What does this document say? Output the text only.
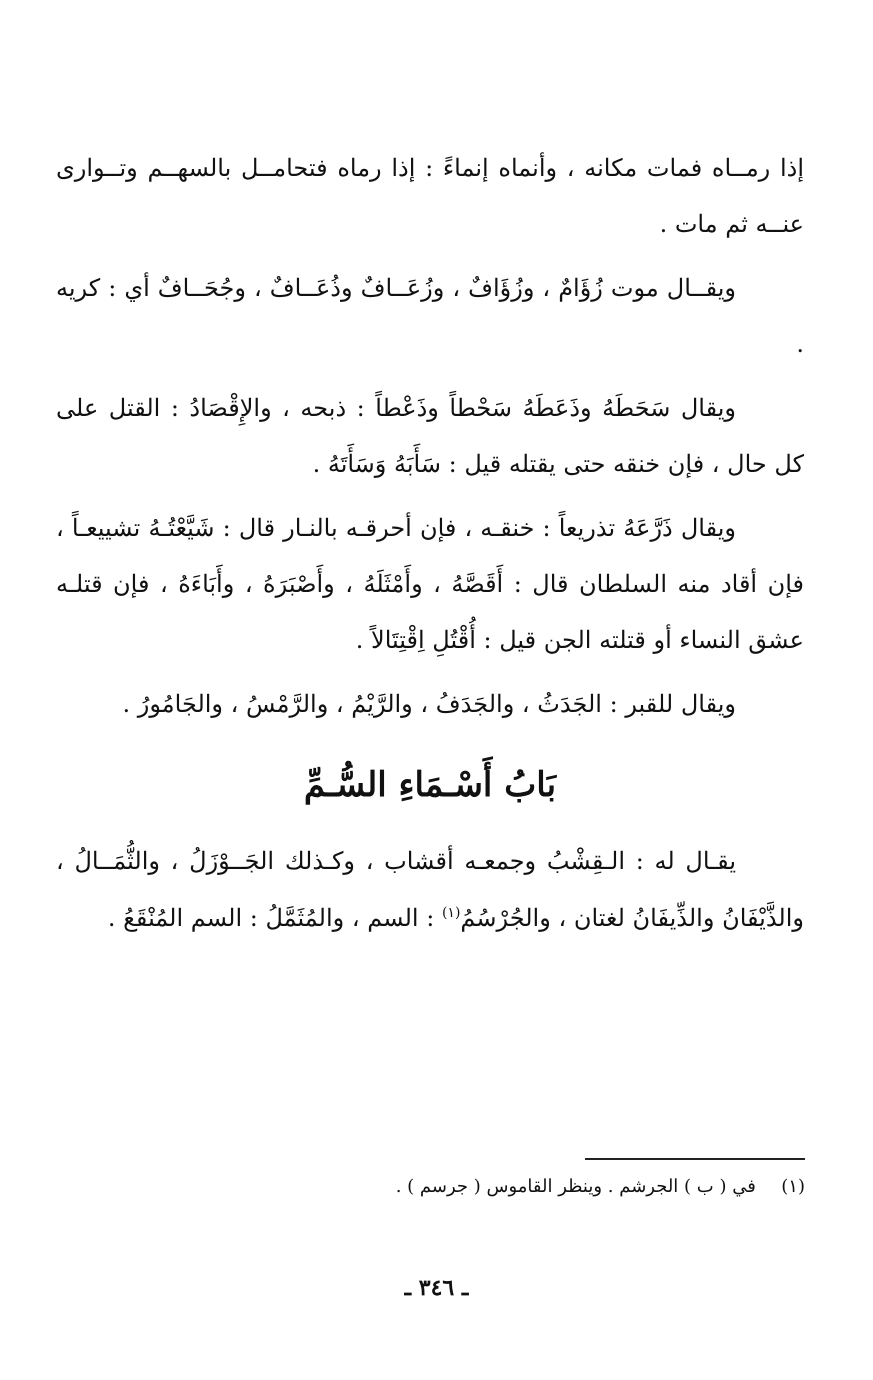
إذا رمــاه فمات مكانه ، وأنماه إنماءً : إذا رماه فتحامــل بالسهــم وتــوارى عنــه ثم مات .

ويقــال موت زُؤَامٌ ، وزُؤَافٌ ، وزُعَــافٌ وذُعَــافٌ ، وجُحَــافٌ أي : كريه .

ويقال سَحَطَهُ وذَعَطَهُ سَحْطاً وذَعْطاً : ذبحه ، والإِقْصَادُ : القتل على كل حال ، فإن خنقه حتى يقتله قيل : سَأَبَهُ وَسَأَتَهُ .

ويقال ذَرَّعَهُ تذريعاً : خنقـه ، فإن أحرقـه بالنـار قال : شَيَّعْتُـهُ تشييعـاً ، فإن أقاد منه السلطان قال : أَقَصَّهُ ، وأَمْثَلَهُ ، وأَصْبَرَهُ ، وأَبَاءَهُ ، فإن قتلـه عشق النساء أو قتلته الجن قيل : أُقْتُلِ اِقْتِتَالاً .

ويقال للقبر : الجَدَثُ ، والجَدَفُ ، والرَّيْمُ ، والرَّمْسُ ، والجَامُورُ .

بَابُ أَسْـمَاءِ السُّـمِّ
يقـال له : الـقِشْبُ وجمعـه أقشاب ، وكـذلك الجَــوْزَلُ ، والثُّمَــالُ ، والذَّيْفَانُ والذِّيفَانُ لغتان ، والجُرْسُمُ$^{(١)}$ : السم ، والمُثَمَّلُ : السم المُنْقَعُ .
(١)  في ( ب ) الجرشم . وينظر القاموس ( جرسم ) .
ـ ٣٤٦ ـ
